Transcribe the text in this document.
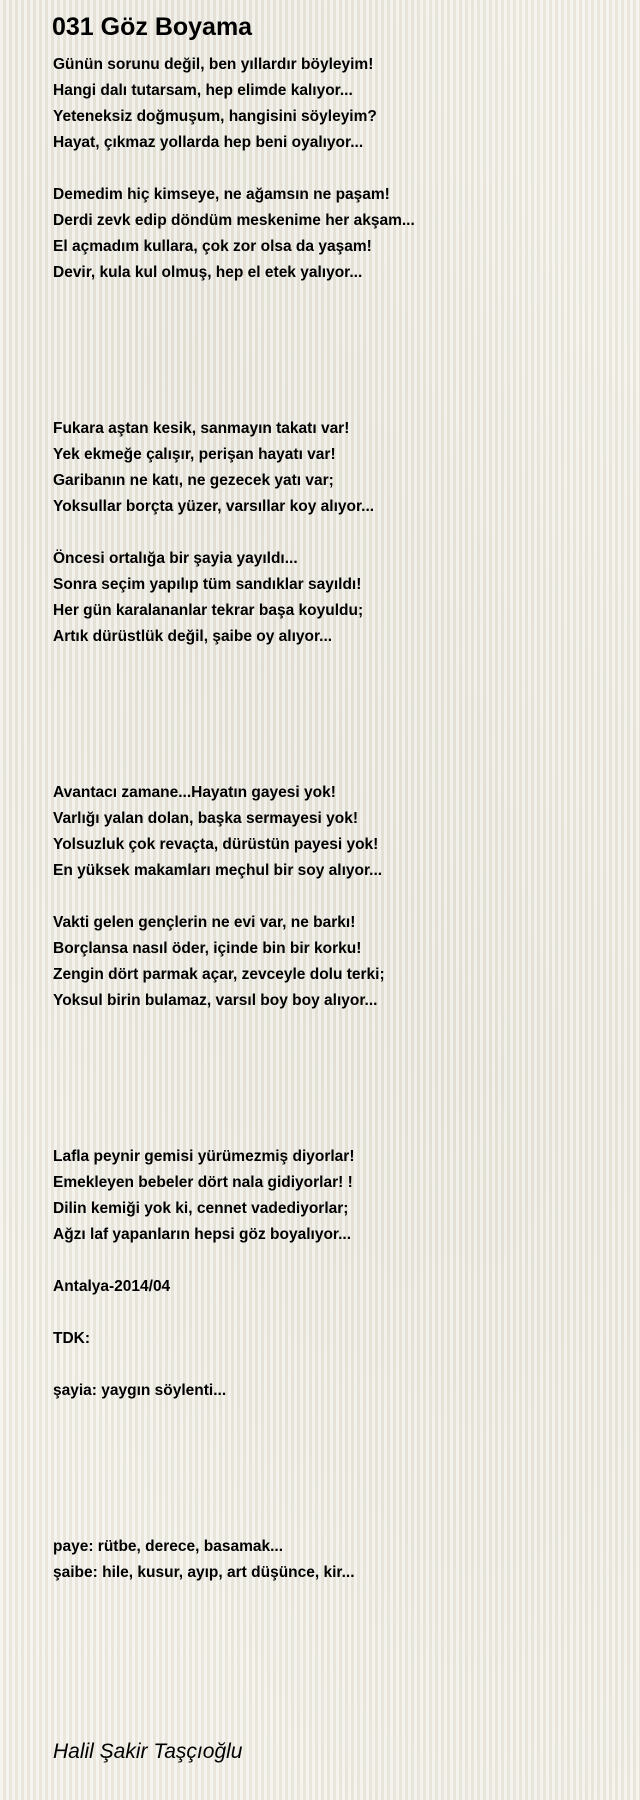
031 Göz Boyama
Günün sorunu değil, ben yıllardır böyleyim!
Hangi dalı tutarsam, hep elimde kalıyor...
Yeteneksiz doğmuşum, hangisini söyleyim?
Hayat, çıkmaz yollarda hep beni oyalıyor...
Demedim hiç kimseye, ne ağamsın ne paşam!
Derdi zevk edip döndüm meskenime her akşam...
El açmadım kullara, çok zor olsa da yaşam!
Devir, kula kul olmuş, hep el etek yalıyor...
Fukara aştan kesik, sanmayın takatı var!
Yek ekmeğe çalışır, perişan hayatı var!
Garibanın ne katı, ne gezecek yatı var;
Yoksullar borçta yüzer, varsıllar koy alıyor...
Öncesi ortalığa bir şayia yayıldı...
Sonra seçim yapılıp tüm sandıklar sayıldı!
Her gün karalananlar tekrar başa koyuldu;
Artık dürüstlük değil, şaibe oy alıyor...
Avantacı zamane...Hayatın gayesi yok!
Varlığı yalan dolan, başka sermayesi yok!
Yolsuzluk çok revaçta, dürüstün payesi yok!
En yüksek makamları meçhul bir soy alıyor...
Vakti gelen gençlerin ne evi var, ne barkı!
Borçlansa nasıl öder, içinde bin bir korku!
Zengin dört parmak açar, zevceyle dolu terki;
Yoksul birin bulamaz, varsıl boy boy alıyor...
Lafla peynir gemisi yürümezmiş diyorlar!
Emekleyen bebeler dört nala gidiyorlar! !
Dilin kemiği yok ki, cennet vadediyorlar;
Ağzı laf yapanların hepsi göz boyalıyor...
Antalya-2014/04
TDK:
şayia: yaygın söylenti...
paye: rütbe, derece, basamak...
şaibe: hile, kusur, ayıp, art düşünce, kir...
Halil Şakir Taşçıoğlu
